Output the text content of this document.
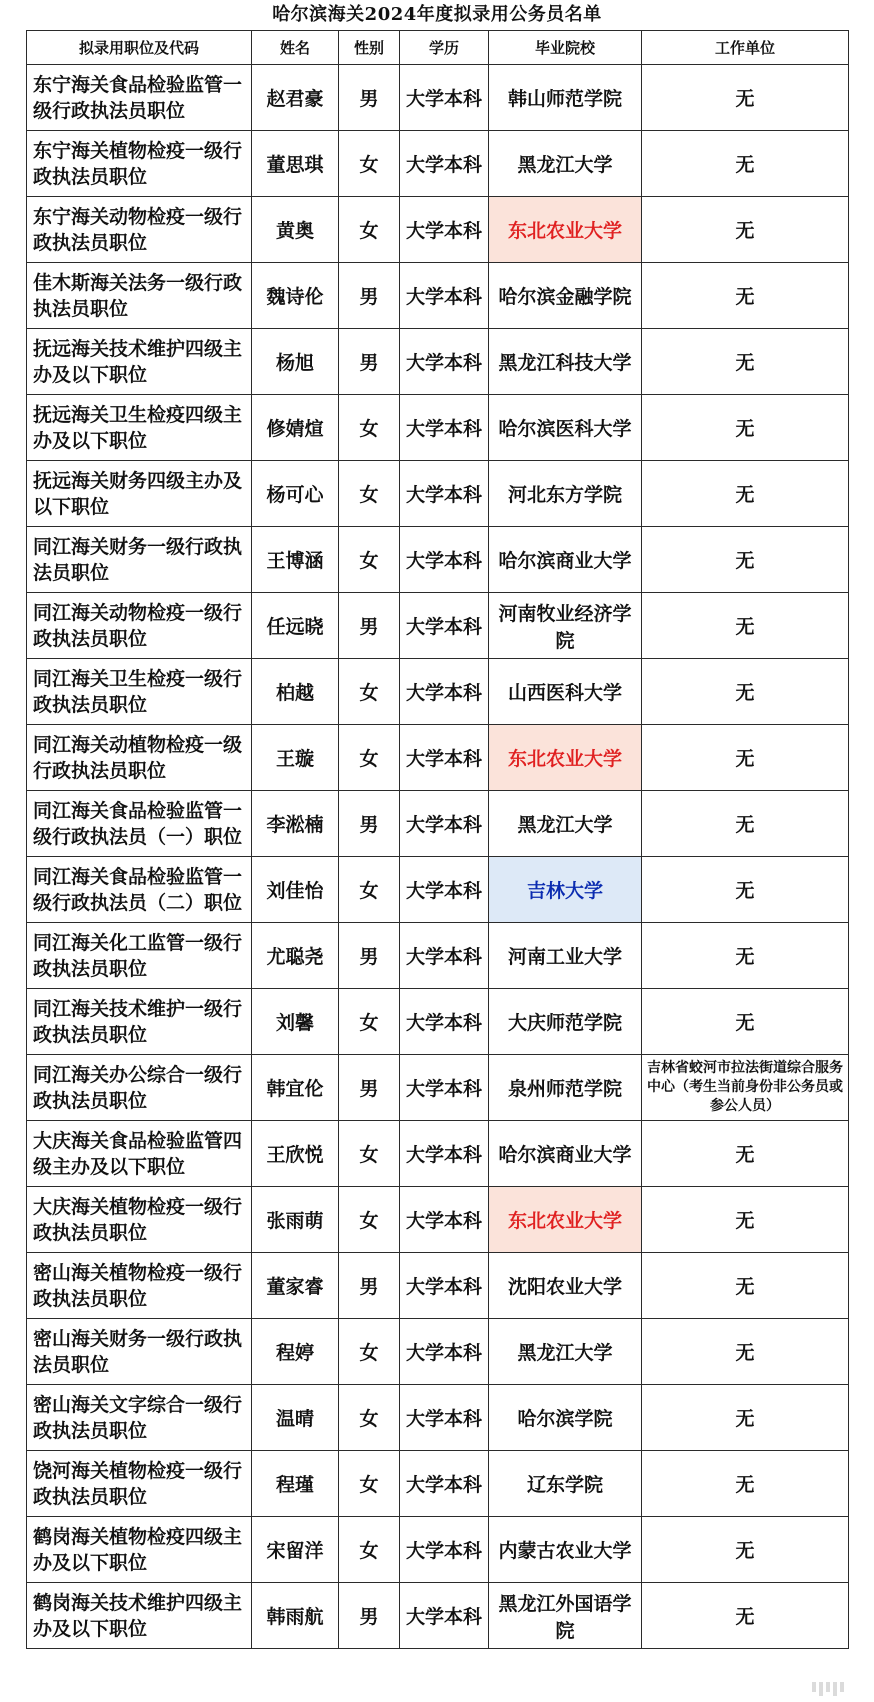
哈尔滨海关2024年度拟录用公务员名单
拟录用职位及代码	姓名	性别	学历	毕业院校	工作单位
东宁海关食品检验监管一级行政执法员职位	赵君豪	男	大学本科	韩山师范学院	无
东宁海关植物检疫一级行政执法员职位	董思琪	女	大学本科	黑龙江大学	无
东宁海关动物检疫一级行政执法员职位	黄奥	女	大学本科	东北农业大学	无
佳木斯海关法务一级行政执法员职位	魏诗伦	男	大学本科	哈尔滨金融学院	无
抚远海关技术维护四级主办及以下职位	杨旭	男	大学本科	黑龙江科技大学	无
抚远海关卫生检疫四级主办及以下职位	修婧煊	女	大学本科	哈尔滨医科大学	无
抚远海关财务四级主办及以下职位	杨可心	女	大学本科	河北东方学院	无
同江海关财务一级行政执法员职位	王博涵	女	大学本科	哈尔滨商业大学	无
同江海关动物检疫一级行政执法员职位	任远晓	男	大学本科	河南牧业经济学院	无
同江海关卫生检疫一级行政执法员职位	柏越	女	大学本科	山西医科大学	无
同江海关动植物检疫一级行政执法员职位	王璇	女	大学本科	东北农业大学	无
同江海关食品检验监管一级行政执法员（一）职位	李淞楠	男	大学本科	黑龙江大学	无
同江海关食品检验监管一级行政执法员（二）职位	刘佳怡	女	大学本科	吉林大学	无
同江海关化工监管一级行政执法员职位	尤聪尧	男	大学本科	河南工业大学	无
同江海关技术维护一级行政执法员职位	刘馨	女	大学本科	大庆师范学院	无
同江海关办公综合一级行政执法员职位	韩宜伦	男	大学本科	泉州师范学院	吉林省蛟河市拉法街道综合服务中心（考生当前身份非公务员或参公人员）
大庆海关食品检验监管四级主办及以下职位	王欣悦	女	大学本科	哈尔滨商业大学	无
大庆海关植物检疫一级行政执法员职位	张雨萌	女	大学本科	东北农业大学	无
密山海关植物检疫一级行政执法员职位	董家睿	男	大学本科	沈阳农业大学	无
密山海关财务一级行政执法员职位	程婷	女	大学本科	黑龙江大学	无
密山海关文字综合一级行政执法员职位	温晴	女	大学本科	哈尔滨学院	无
饶河海关植物检疫一级行政执法员职位	程瑾	女	大学本科	辽东学院	无
鹤岗海关植物检疫四级主办及以下职位	宋留洋	女	大学本科	内蒙古农业大学	无
鹤岗海关技术维护四级主办及以下职位	韩雨航	男	大学本科	黑龙江外国语学院	无
